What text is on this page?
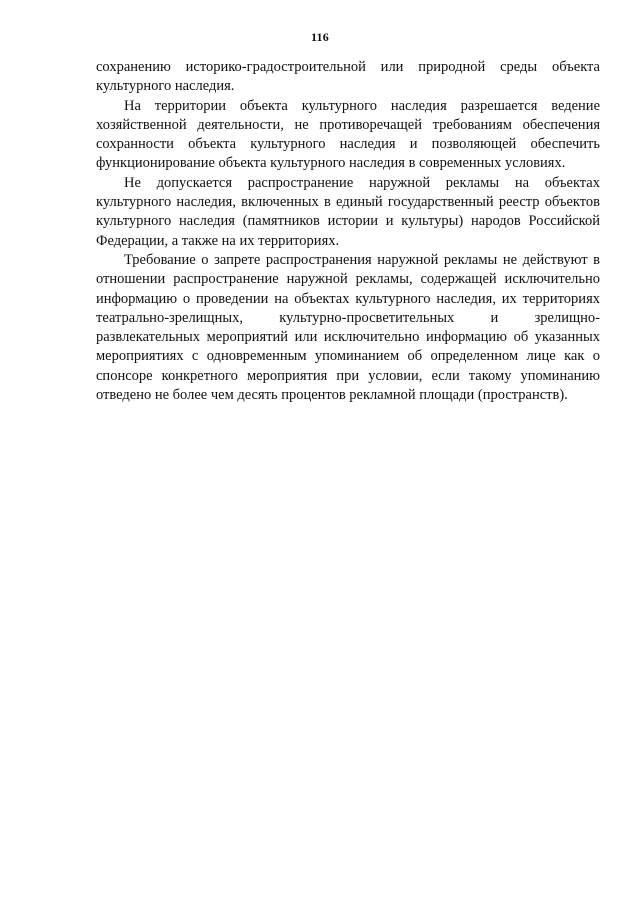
116

сохранению историко-градостроительной или природной среды объекта культурного наследия.

На территории объекта культурного наследия разрешается ведение хозяйственной деятельности, не противоречащей требованиям обеспечения сохранности объекта культурного наследия и позволяющей обеспечить функционирование объекта культурного наследия в современных условиях.

Не допускается распространение наружной рекламы на объектах культурного наследия, включенных в единый государственный реестр объектов культурного наследия (памятников истории и культуры) народов Российской Федерации, а также на их территориях.

Требование о запрете распространения наружной рекламы не действуют в отношении распространение наружной рекламы, содержащей исключительно информацию о проведении на объектах культурного наследия, их территориях театрально-зрелищных, культурно-просветительных и зрелищно-развлекательных мероприятий или исключительно информацию об указанных мероприятиях с одновременным упоминанием об определенном лице как о спонсоре конкретного мероприятия при условии, если такому упоминанию отведено не более чем десять процентов рекламной площади (пространств).
